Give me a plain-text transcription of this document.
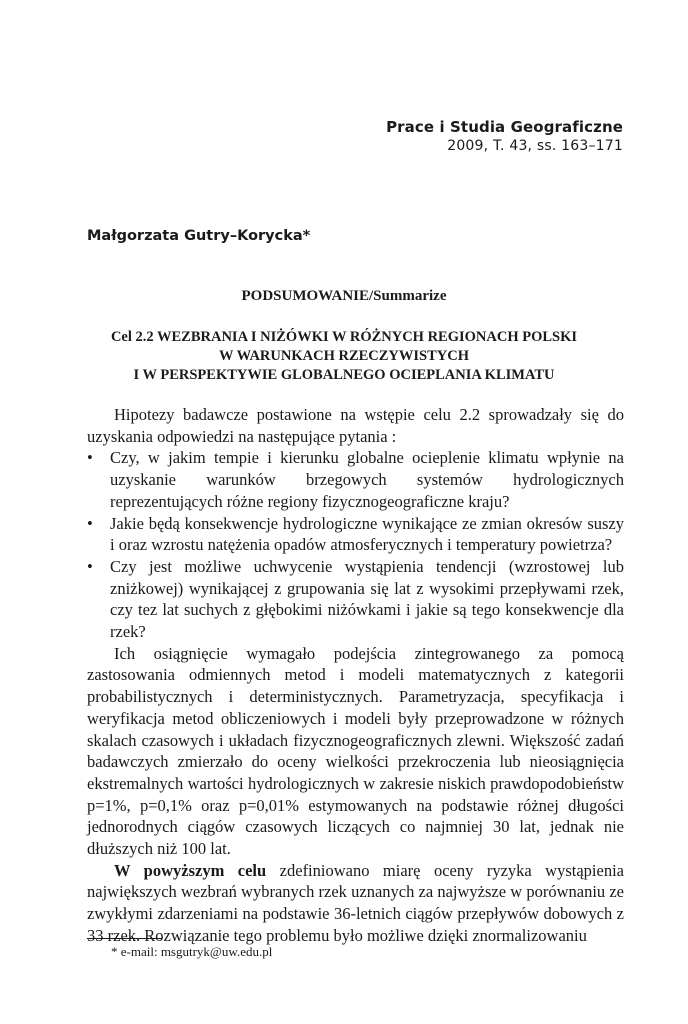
Prace i Studia Geograficzne
2009, T. 43, ss. 163–171
Małgorzata Gutry–Korycka*
PODSUMOWANIE/Summarize
Cel 2.2 WEZBRANIA I NIŻÓWKI W RÓŻNYCH REGIONACH POLSKI
W WARUNKACH RZECZYWISTYCH
I W PERSPEKTYWIE GLOBALNEGO OCIEPLANIA KLIMATU

Hipotezy badawcze postawione na wstępie celu 2.2 sprowadzały się do uzyskania odpowiedzi na następujące pytania :

• Czy, w jakim tempie i kierunku globalne ocieplenie klimatu wpłynie na uzyskanie warunków brzegowych systemów hydrologicznych reprezentujących różne regiony fizycznogeograficzne kraju?
• Jakie będą konsekwencje hydrologiczne wynikające ze zmian okresów suszy i oraz wzrostu natężenia opadów atmosferycznych i temperatury powietrza?
• Czy jest możliwe uchwycenie wystąpienia tendencji (wzrostowej lub zniżkowej) wynikającej z grupowania się lat z wysokimi przepływami rzek, czy tez lat suchych z głębokimi niżówkami i jakie są tego konsekwencje dla rzek?

Ich osiągnięcie wymagało podejścia zintegrowanego za pomocą zastosowania odmiennych metod i modeli matematycznych z kategorii probabilistycznych i deterministycznych. Parametryzacja, specyfikacja i weryfikacja metod obliczeniowych i modeli były przeprowadzone w różnych skalach czasowych i układach fizycznogeograficznych zlewni. Większość zadań badawczych zmierzało do oceny wielkości przekroczenia lub nieosiągnięcia ekstremalnych wartości hydrologicznych w zakresie niskich prawdopodobieństw p=1%, p=0,1% oraz p=0,01% estymowanych na podstawie różnej długości jednorodnych ciągów czasowych liczących co najmniej 30 lat, jednak nie dłuższych niż 100 lat.

W powyższym celu zdefiniowano miarę oceny ryzyka wystąpienia największych wezbrań wybranych rzek uznanych za najwyższe w porównaniu ze zwykłymi zdarzeniami na podstawie 36-letnich ciągów przepływów dobowych z 33 rzek. Rozwiązanie tego problemu było możliwe dzięki znormalizowaniu

* e-mail: msgutryk@uw.edu.pl
